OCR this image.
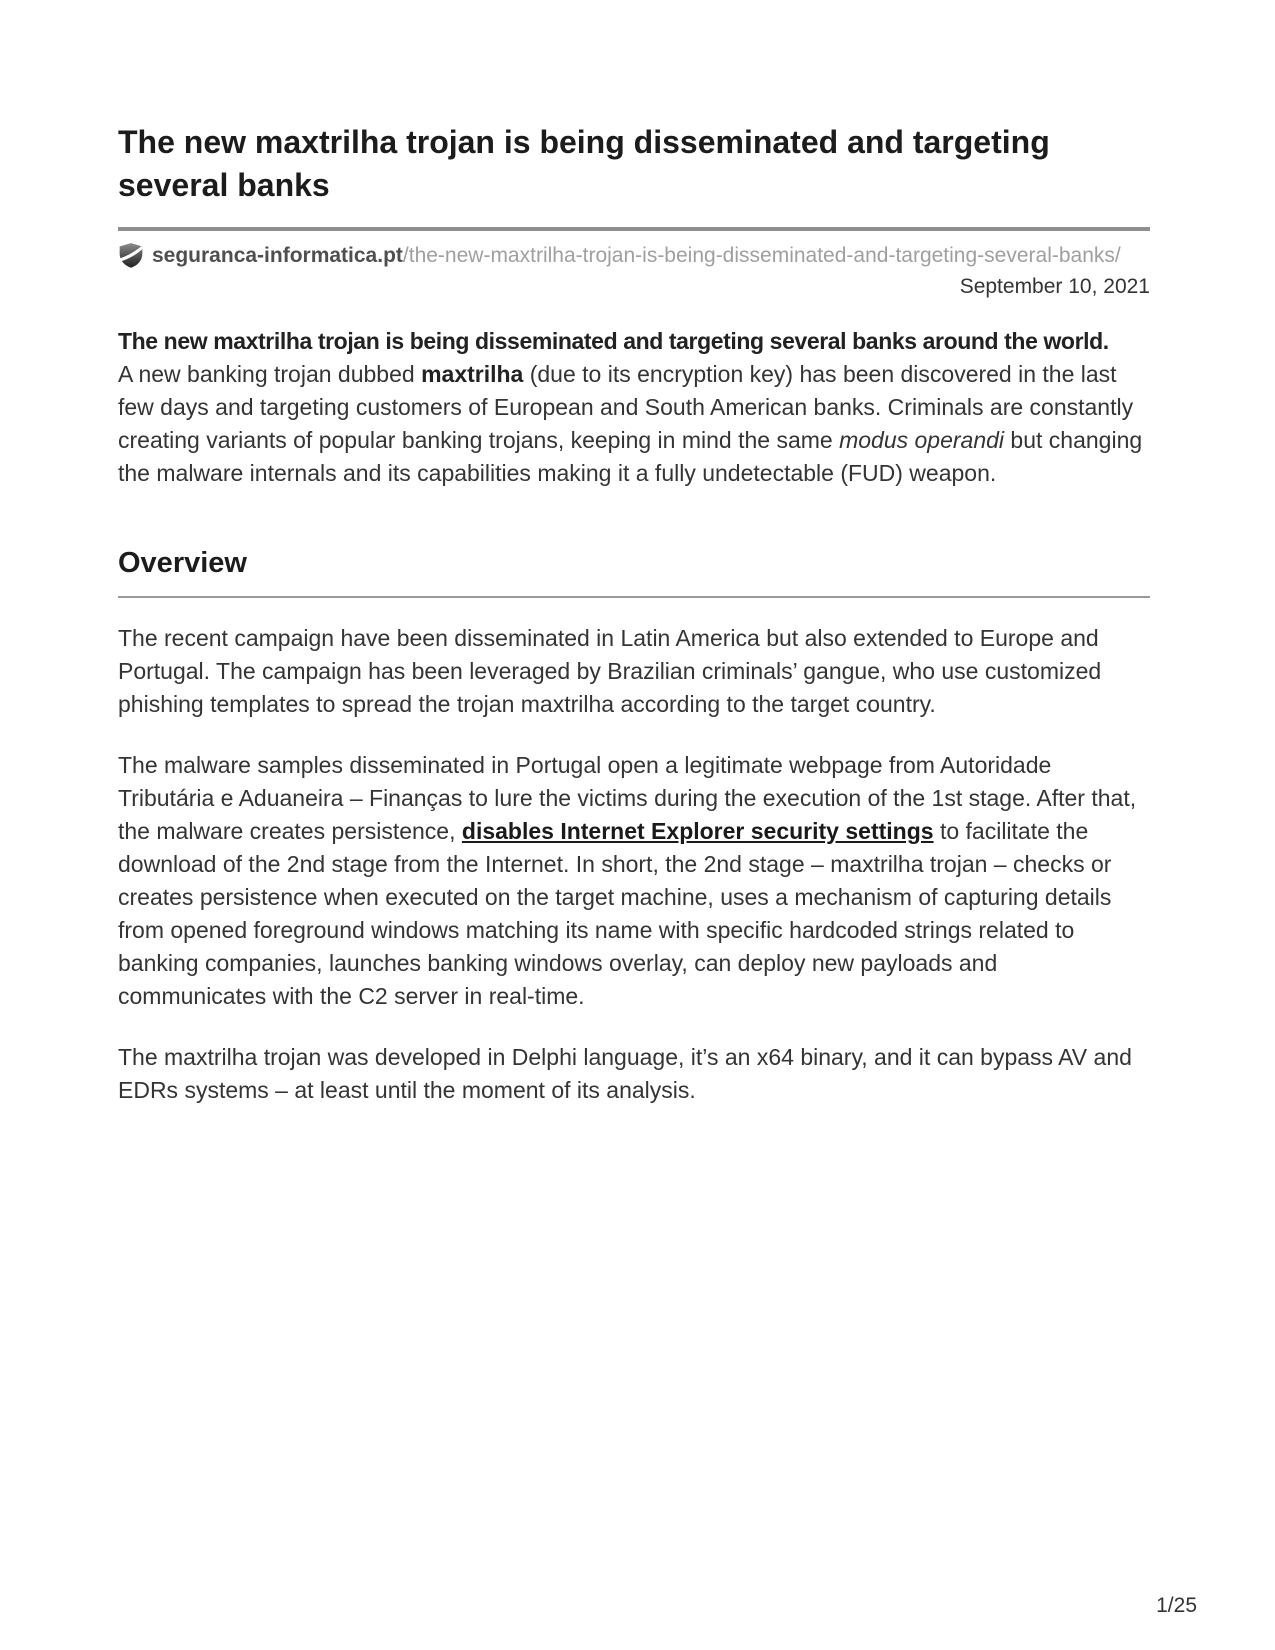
The new maxtrilha trojan is being disseminated and targeting several banks
seguranca-informatica.pt/the-new-maxtrilha-trojan-is-being-disseminated-and-targeting-several-banks/
September 10, 2021

The new maxtrilha trojan is being disseminated and targeting several banks around the world.

A new banking trojan dubbed maxtrilha (due to its encryption key) has been discovered in the last few days and targeting customers of European and South American banks. Criminals are constantly creating variants of popular banking trojans, keeping in mind the same modus operandi but changing the malware internals and its capabilities making it a fully undetectable (FUD) weapon.

Overview

The recent campaign have been disseminated in Latin America but also extended to Europe and Portugal. The campaign has been leveraged by Brazilian criminals’ gangue, who use customized phishing templates to spread the trojan maxtrilha according to the target country.

The malware samples disseminated in Portugal open a legitimate webpage from Autoridade Tributária e Aduaneira – Finanças to lure the victims during the execution of the 1st stage. After that, the malware creates persistence, disables Internet Explorer security settings to facilitate the download of the 2nd stage from the Internet. In short, the 2nd stage – maxtrilha trojan – checks or creates persistence when executed on the target machine, uses a mechanism of capturing details from opened foreground windows matching its name with specific hardcoded strings related to banking companies, launches banking windows overlay, can deploy new payloads and communicates with the C2 server in real-time.

The maxtrilha trojan was developed in Delphi language, it’s an x64 binary, and it can bypass AV and EDRs systems – at least until the moment of its analysis.

1/25
